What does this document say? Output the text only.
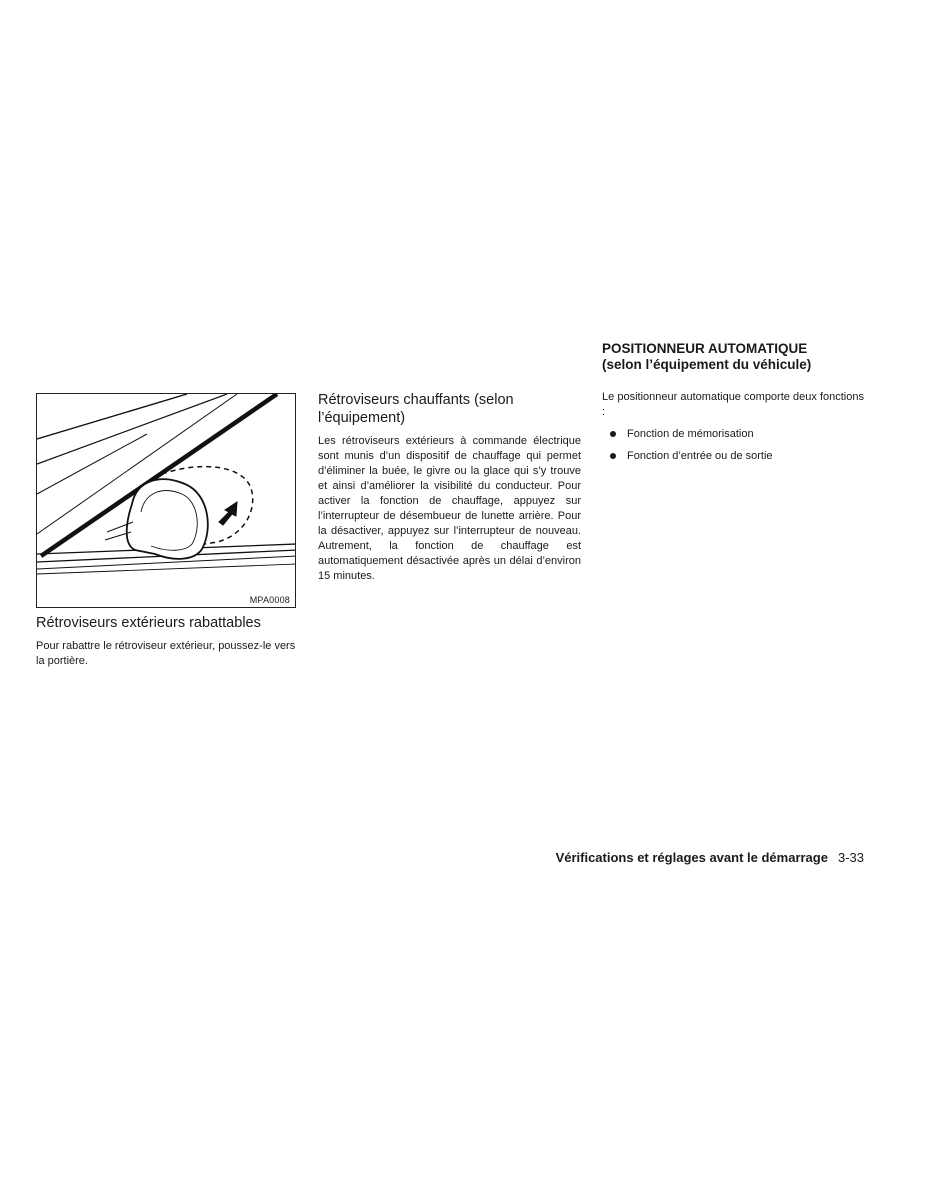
MPA0008
Rétroviseurs extérieurs rabattables

Pour rabattre le rétroviseur extérieur, poussez-le vers la portière.

Rétroviseurs chauffants (selon
l’équipement)

Les rétroviseurs extérieurs à commande électrique sont munis d’un dispositif de chauffage qui permet d’éliminer la buée, le givre ou la glace qui s’y trouve et ainsi d’améliorer la visibilité du conducteur. Pour activer la fonction de chauffage, appuyez sur l’interrupteur de désembueur de lunette arrière. Pour la désactiver, appuyez sur l’interrupteur de nouveau. Autrement, la fonction de chauffage est automatiquement désactivée après un délai d’environ 15 minutes.

POSITIONNEUR AUTOMATIQUE
(selon l’équipement du véhicule)

Le positionneur automatique comporte deux fonctions :

Fonction de mémorisation
Fonction d’entrée ou de sortie
Vérifications et réglages avant le démarrage 3-33
